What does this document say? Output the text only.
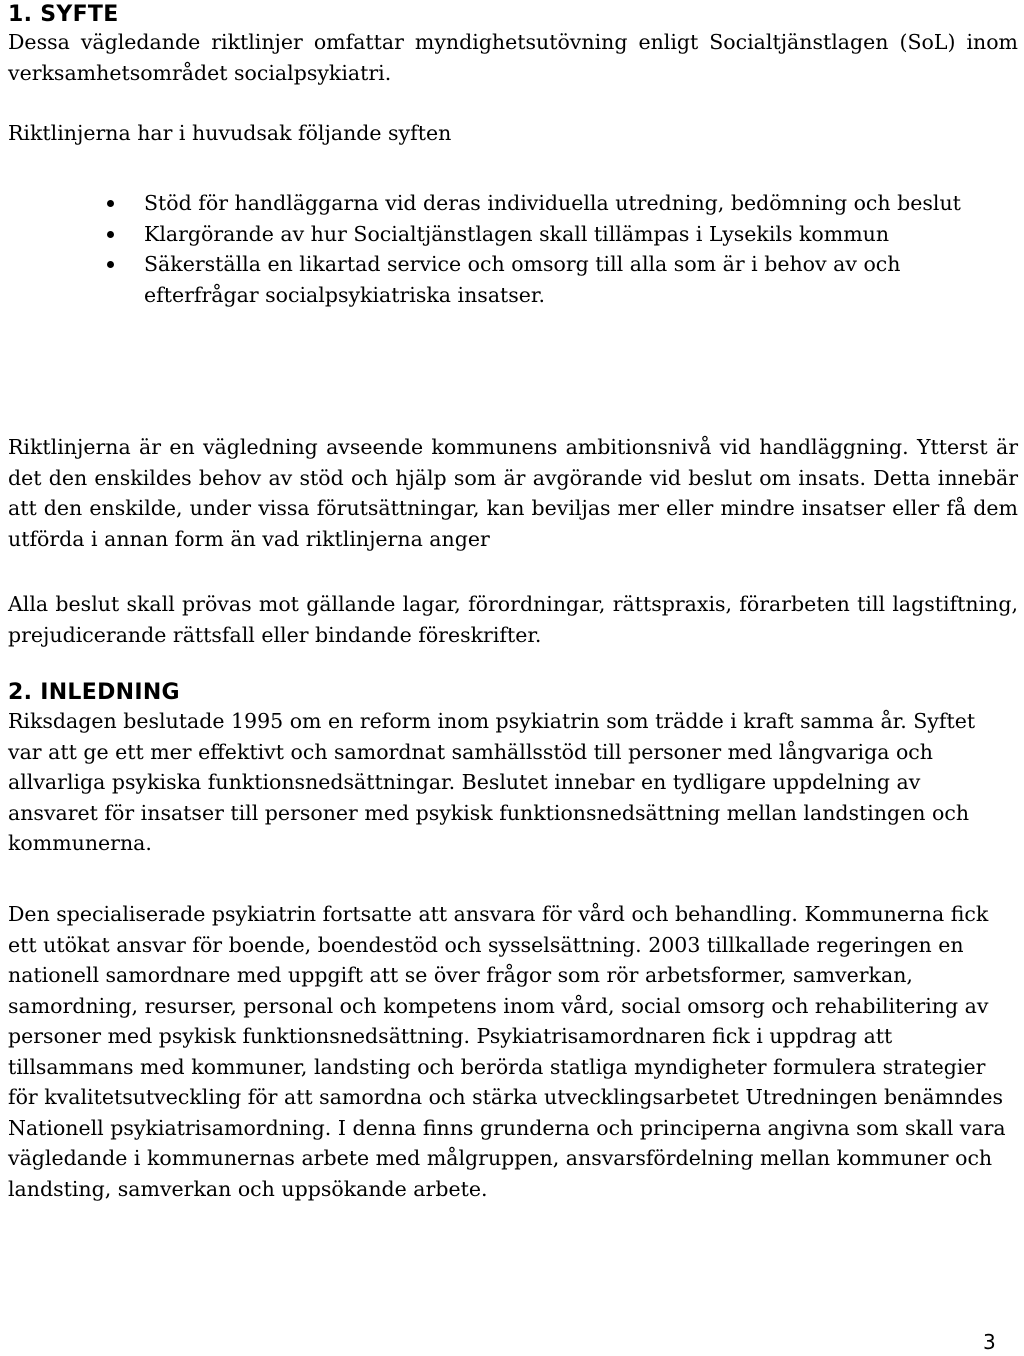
1. SYFTE

Dessa vägledande riktlinjer omfattar myndighetsutövning enligt Socialtjänstlagen (SoL) inom verksamhetsområdet socialpsykiatri.

Riktlinjerna har i huvudsak följande syften

Stöd för handläggarna vid deras individuella utredning, bedömning och beslut
Klargörande av hur Socialtjänstlagen skall tillämpas i Lysekils kommun
Säkerställa en likartad service och omsorg till alla som är i behov av och efterfrågar socialpsykiatriska insatser.

Riktlinjerna är en vägledning avseende kommunens ambitionsnivå vid handläggning. Ytterst är det den enskildes behov av stöd och hjälp som är avgörande vid beslut om insats. Detta innebär att den enskilde, under vissa förutsättningar, kan beviljas mer eller mindre insatser eller få dem utförda i annan form än vad riktlinjerna anger

Alla beslut skall prövas mot gällande lagar, förordningar, rättspraxis, förarbeten till lagstiftning, prejudicerande rättsfall eller bindande föreskrifter.

2. INLEDNING

Riksdagen beslutade 1995 om en reform inom psykiatrin som trädde i kraft samma år. Syftet var att ge ett mer effektivt och samordnat samhällsstöd till personer med långvariga och allvarliga psykiska funktionsnedsättningar. Beslutet innebar en tydligare uppdelning av ansvaret för insatser till personer med psykisk funktionsnedsättning mellan landstingen och kommunerna.

Den specialiserade psykiatrin fortsatte att ansvara för vård och behandling. Kommunerna fick ett utökat ansvar för boende, boendestöd och sysselsättning. 2003 tillkallade regeringen en nationell samordnare med uppgift att se över frågor som rör arbetsformer, samverkan, samordning, resurser, personal och kompetens inom vård, social omsorg och rehabilitering av personer med psykisk funktionsnedsättning. Psykiatrisamordnaren fick i uppdrag att tillsammans med kommuner, landsting och berörda statliga myndigheter formulera strategier för kvalitetsutveckling för att samordna och stärka utvecklingsarbetet Utredningen benämndes Nationell psykiatrisamordning. I denna finns grunderna och principerna angivna som skall vara vägledande i kommunernas arbete med målgruppen, ansvarsfördelning mellan kommuner och landsting, samverkan och uppsökande arbete.

3
